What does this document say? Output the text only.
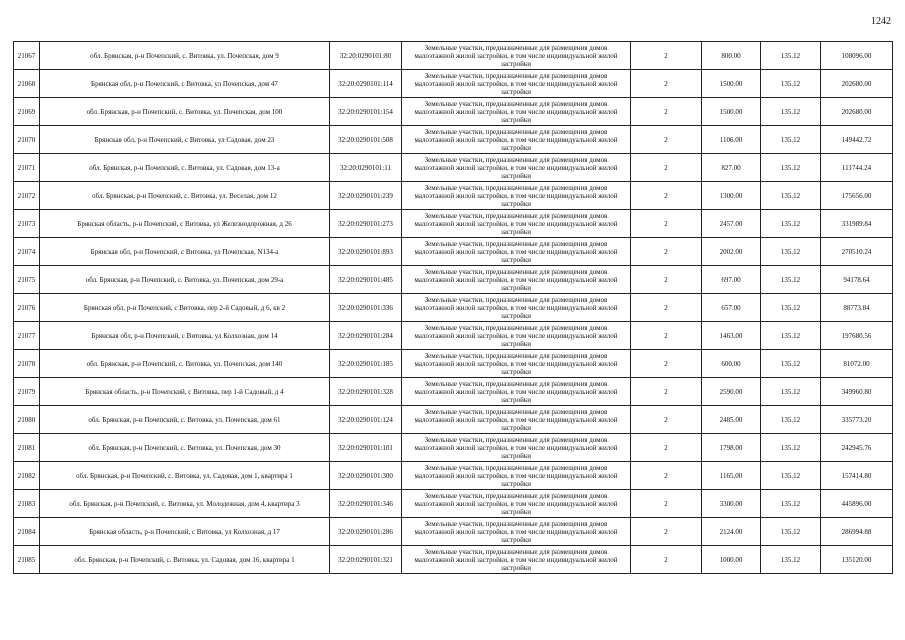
1242
21067	обл. Брянская, р-н Почепский, с. Витовка, ул. Почепская, дом 9	32:20:0290101:80	Земельные участки, предназначенные для размещения домов малоэтажной жилой застройки, в том числе индивидуальной жилой застройки	2	800.00	135.12	108096.00
21068	Брянская обл, р-н Почепский, с Витовка, ул Почепская, дом 47	32:20:0290101:114	Земельные участки, предназначенные для размещения домов малоэтажной жилой застройки, в том числе индивидуальной жилой застройки	2	1500.00	135.12	202680.00
21069	обл. Брянская, р-н Почепский, с. Витовка, ул. Почепская, дом 100	32:20:0290101:154	Земельные участки, предназначенные для размещения домов малоэтажной жилой застройки, в том числе индивидуальной жилой застройки	2	1500.00	135.12	202680.00
21070	Брянская обл, р-н Почепский, с Витовка, ул Садовая, дом 23	32:20:0290101:508	Земельные участки, предназначенные для размещения домов малоэтажной жилой застройки, в том числе индивидуальной жилой застройки	2	1106.00	135.12	149442.72
21071	обл. Брянская, р-н Почепский, с. Витовка, ул. Садовая, дом 13-а	32:20:0290101:11	Земельные участки, предназначенные для размещения домов малоэтажной жилой застройки, в том числе индивидуальной жилой застройки	2	827.00	135.12	111744.24
21072	обл. Брянская, р-н Почепский, с. Витовка, ул. Веселая, дом 12	32:20:0290101:239	Земельные участки, предназначенные для размещения домов малоэтажной жилой застройки, в том числе индивидуальной жилой застройки	2	1300.00	135.12	175656.00
21073	Брянская область, р-н Почепский, с Витовка, ул Железнодорожная, д 26	32:20:0290101:273	Земельные участки, предназначенные для размещения домов малоэтажной жилой застройки, в том числе индивидуальной жилой застройки	2	2457.00	135.12	331989.84
21074	Брянская обл, р-н Почепский, с Витовка, ул Почепская, N134-а	32:20:0290101:893	Земельные участки, предназначенные для размещения домов малоэтажной жилой застройки, в том числе индивидуальной жилой застройки	2	2002.00	135.12	270510.24
21075	обл. Брянская, р-н Почепский, с. Витовка, ул. Почепская, дом 29-а	32:20:0290101:485	Земельные участки, предназначенные для размещения домов малоэтажной жилой застройки, в том числе индивидуальной жилой застройки	2	697.00	135.12	94178.64
21076	Брянская обл, р-н Почепский, с Витовка, пер 2-й Садовый, д 6, кв 2	32:20:0290101:336	Земельные участки, предназначенные для размещения домов малоэтажной жилой застройки, в том числе индивидуальной жилой застройки	2	657.00	135.12	88773.84
21077	Брянская обл, р-н Почепский, с Витовка, ул Колхозная, дом 14	32:20:0290101:284	Земельные участки, предназначенные для размещения домов малоэтажной жилой застройки, в том числе индивидуальной жилой застройки	2	1463.00	135.12	197680.56
21078	обл. Брянская, р-н Почепский, с. Витовка, ул. Почепская, дом 140	32:20:0290101:185	Земельные участки, предназначенные для размещения домов малоэтажной жилой застройки, в том числе индивидуальной жилой застройки	2	600.00	135.12	81072.00
21079	Брянская область, р-н Почепский, с Витовка, пер 1-й Садовый, д 4	32:20:0290101:328	Земельные участки, предназначенные для размещения домов малоэтажной жилой застройки, в том числе индивидуальной жилой застройки	2	2590.00	135.12	349960.80
21080	обл. Брянская, р-н Почепский, с. Витовка, ул. Почепская, дом 61	32:20:0290101:124	Земельные участки, предназначенные для размещения домов малоэтажной жилой застройки, в том числе индивидуальной жилой застройки	2	2485.00	135.12	335773.20
21081	обл. Брянская, р-н Почепский, с. Витовка, ул. Почепская, дом 30	32:20:0290101:101	Земельные участки, предназначенные для размещения домов малоэтажной жилой застройки, в том числе индивидуальной жилой застройки	2	1798.00	135.12	242945.76
21082	обл. Брянская, р-н Почепский, с. Витовка, ул. Садовая, дом 1, квартира 1	32:20:0290101:300	Земельные участки, предназначенные для размещения домов малоэтажной жилой застройки, в том числе индивидуальной жилой застройки	2	1165.00	135.12	157414.80
21083	обл. Брянская, р-н Почепский, с. Витовка, ул. Молодежная, дом 4, квартира 3	32:20:0290101:346	Земельные участки, предназначенные для размещения домов малоэтажной жилой застройки, в том числе индивидуальной жилой застройки	2	3300.00	135.12	445896.00
21084	Брянская область, р-н Почепский, с Витовка, ул Колхозная, д 17	32:20:0290101:286	Земельные участки, предназначенные для размещения домов малоэтажной жилой застройки, в том числе индивидуальной жилой застройки	2	2124.00	135.12	286994.88
21085	обл. Брянская, р-н Почепский, с. Витовка, ул. Садовая, дом 16, квартира 1	32:20:0290101:321	Земельные участки, предназначенные для размещения домов малоэтажной жилой застройки, в том числе индивидуальной жилой застройки	2	1000.00	135.12	135120.00
